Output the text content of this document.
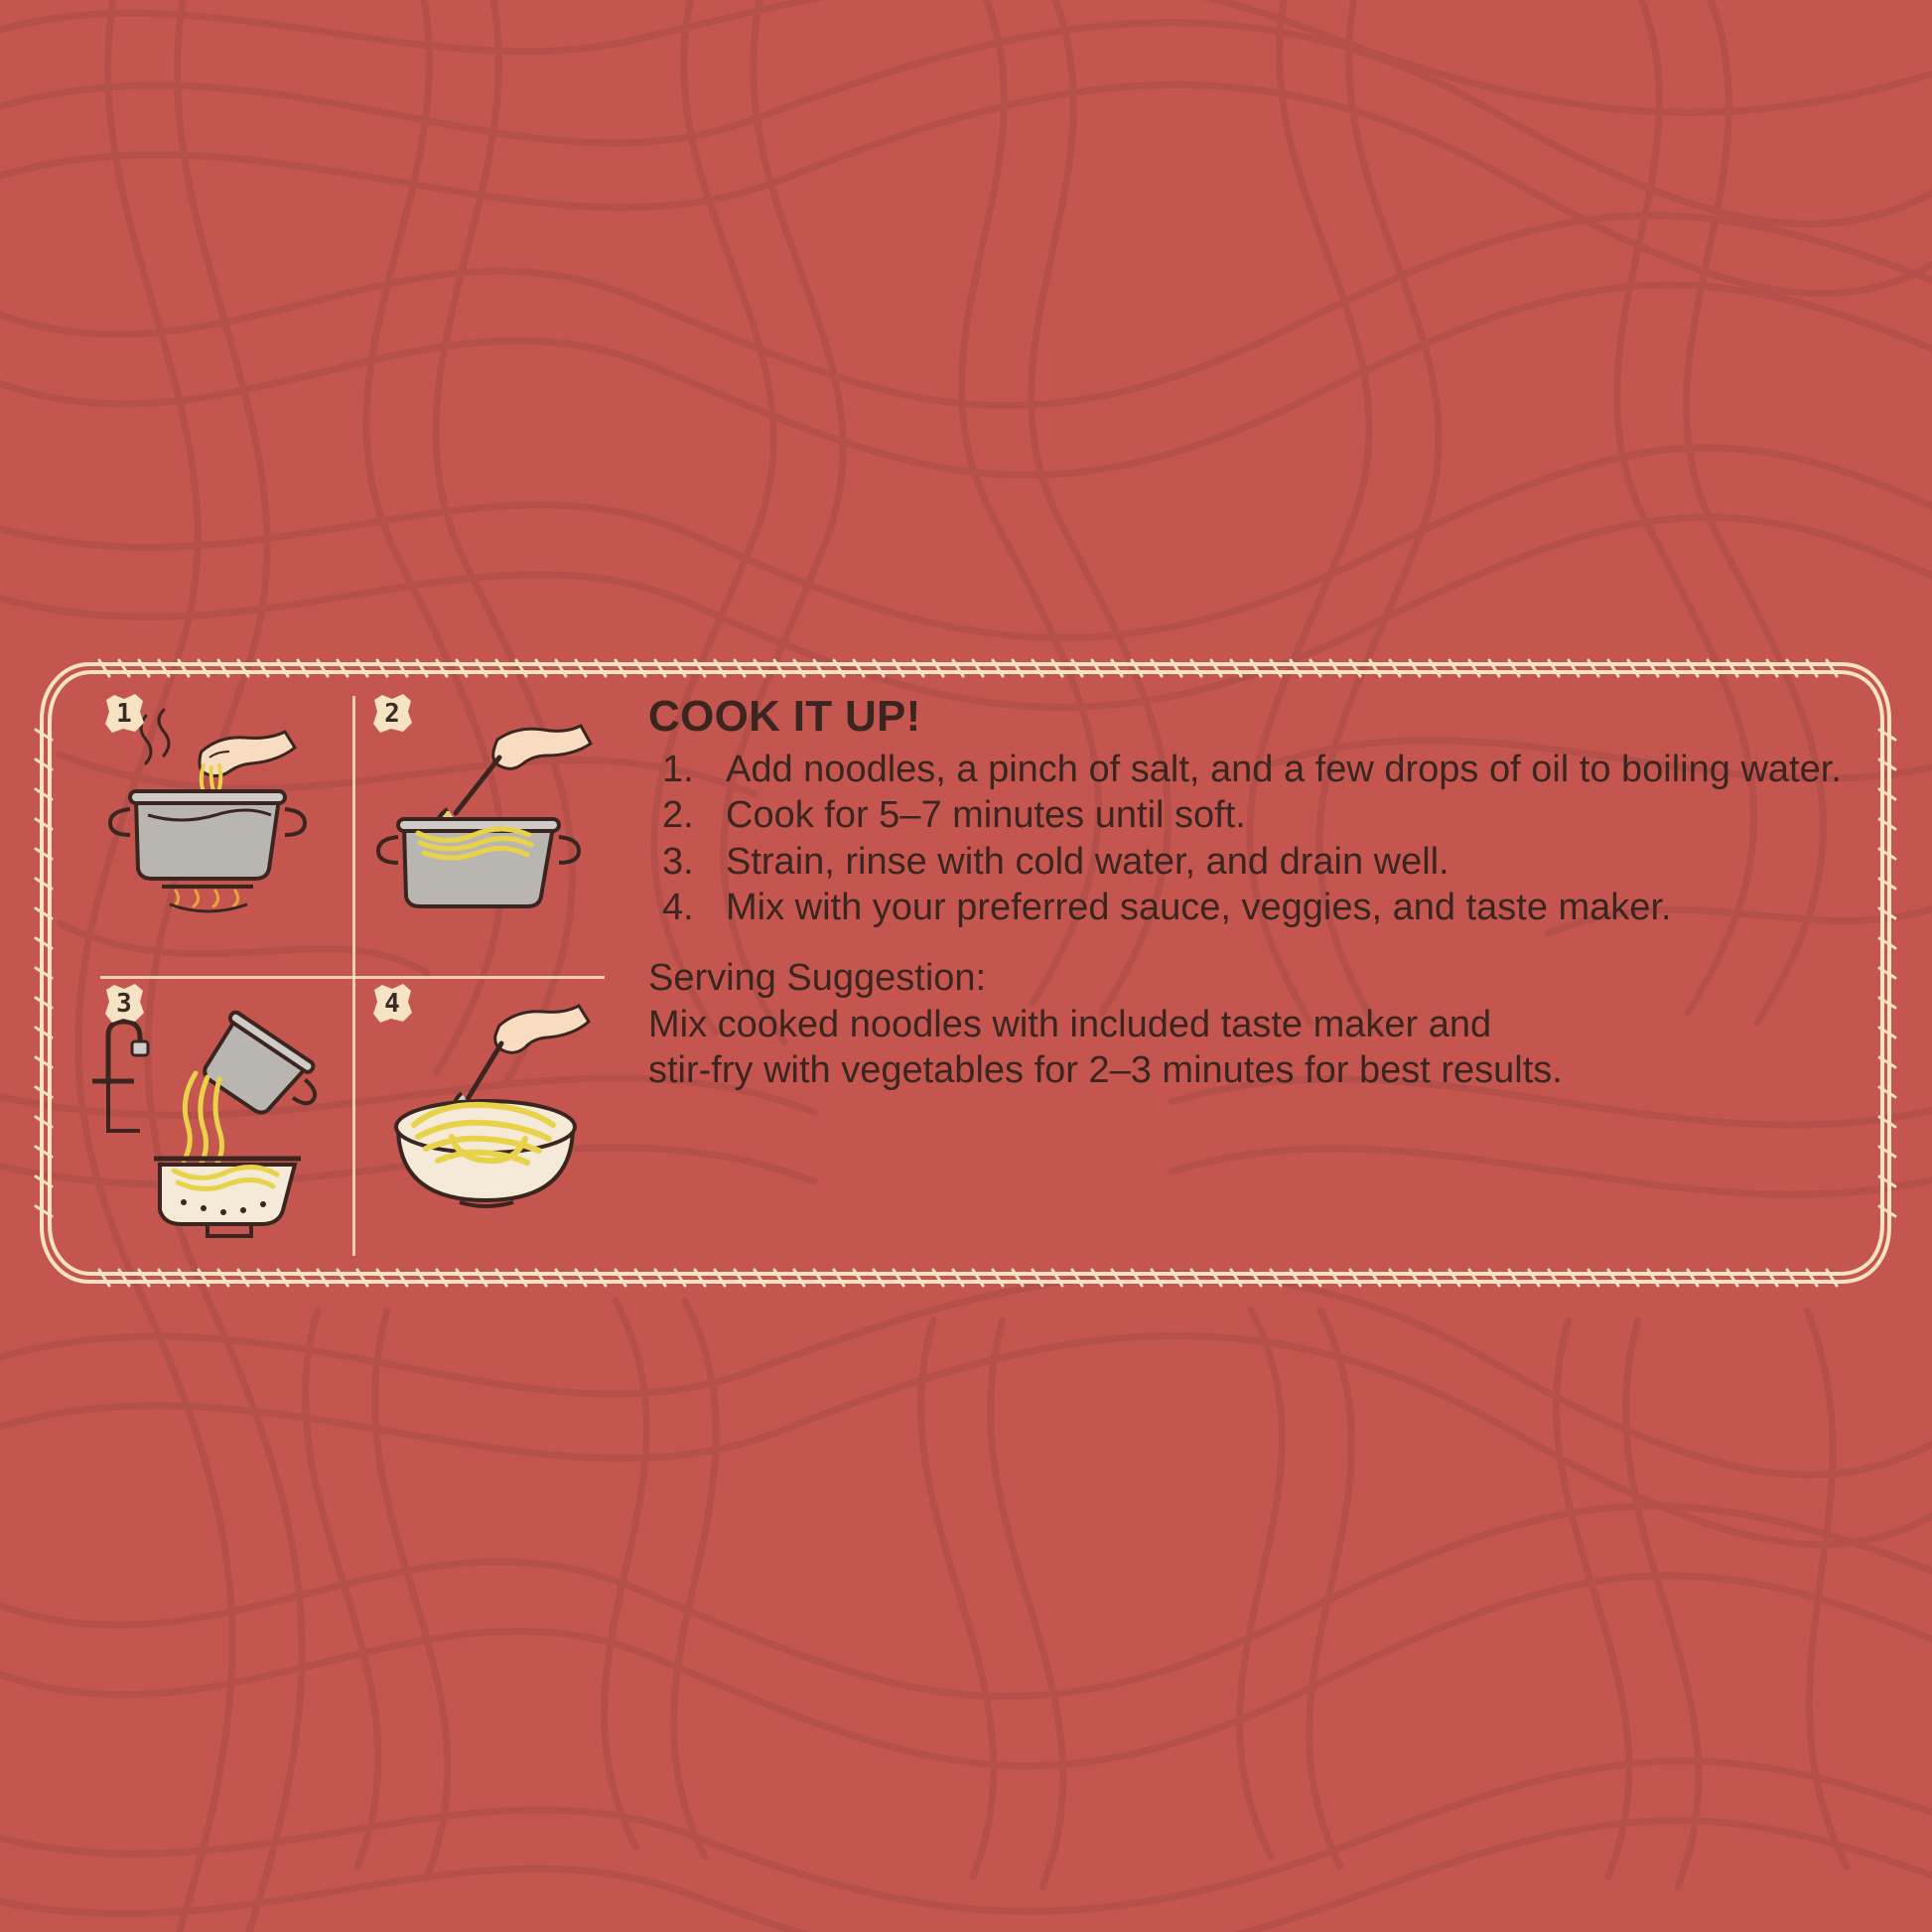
1	2
3	4
COOK IT UP!
Add noodles, a pinch of salt, and a few drops of oil to boiling water.
Cook for 5–7 minutes until soft.
Strain, rinse with cold water, and drain well.
Mix with your preferred sauce, veggies, and taste maker.
Serving Suggestion:
Mix cooked noodles with included taste maker and
stir-fry with vegetables for 2–3 minutes for best results.
